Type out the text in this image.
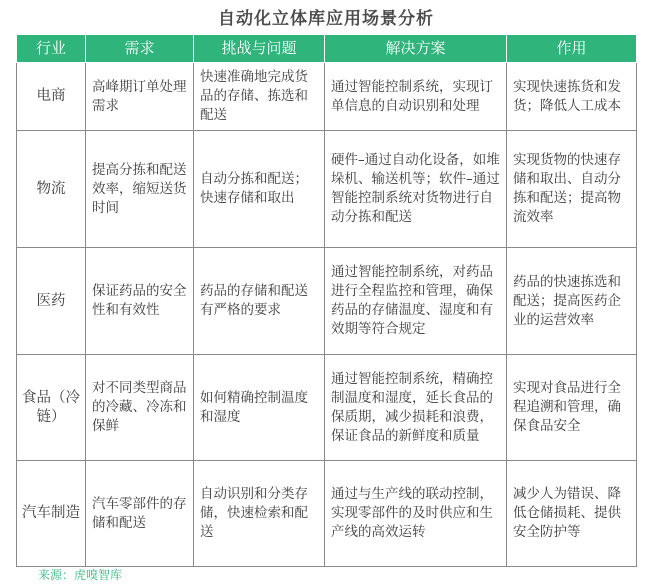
自动化立体库应用场景分析
行业	需求	挑战与问题	解决方案	作用
电商	高峰期订单处理需求	快速准确地完成货品的存储、拣选和配送	通过智能控制系统，实现订单信息的自动识别和处理	实现快速拣货和发货；降低人工成本
物流	提高分拣和配送效率，缩短送货时间	自动分拣和配送；快速存储和取出	硬件–通过自动化设备，如堆垛机、输送机等；软件–通过智能控制系统对货物进行自动分拣和配送	实现货物的快速存储和取出、自动分拣和配送；提高物流效率
医药	保证药品的安全性和有效性	药品的存储和配送有严格的要求	通过智能控制系统，对药品进行全程监控和管理，确保药品的存储温度、湿度和有效期等符合规定	药品的快速拣选和配送；提高医药企业的运营效率
食品（冷链）	对不同类型商品的冷藏、冷冻和保鲜	如何精确控制温度和湿度	通过智能控制系统，精确控制温度和湿度，延长食品的保质期，减少损耗和浪费，保证食品的新鲜度和质量	实现对食品进行全程追溯和管理，确保食品安全
汽车制造	汽车零部件的存储和配送	自动识别和分类存储，快速检索和配送	通过与生产线的联动控制，实现零部件的及时供应和生产线的高效运转	减少人为错误、降低仓储损耗、提供安全防护等
来源：虎嗅智库
